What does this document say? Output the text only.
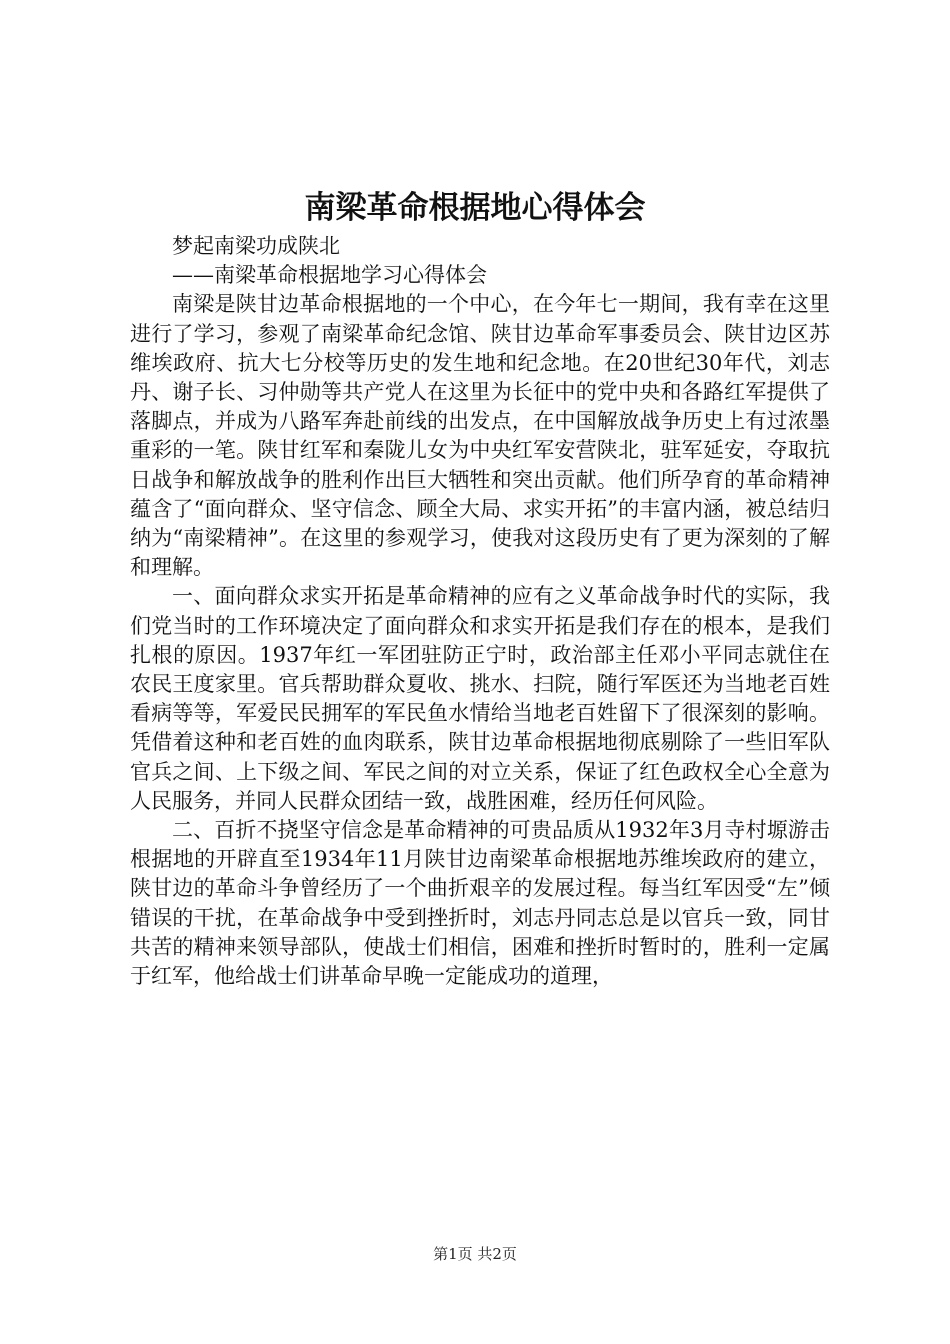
南梁革命根据地心得体会

梦起南梁功成陕北

——南梁革命根据地学习心得体会

南梁是陕甘边革命根据地的一个中心，在今年七一期间，我有幸在这里进行了学习，参观了南梁革命纪念馆、陕甘边革命军事委员会、陕甘边区苏维埃政府、抗大七分校等历史的发生地和纪念地。在20世纪30年代，刘志丹、谢子长、习仲勋等共产党人在这里为长征中的党中央和各路红军提供了落脚点，并成为八路军奔赴前线的出发点，在中国解放战争历史上有过浓墨重彩的一笔。陕甘红军和秦陇儿女为中央红军安营陕北，驻军延安，夺取抗日战争和解放战争的胜利作出巨大牺牲和突出贡献。他们所孕育的革命精神蕴含了“面向群众、坚守信念、顾全大局、求实开拓”的丰富内涵，被总结归纳为“南梁精神”。在这里的参观学习，使我对这段历史有了更为深刻的了解和理解。

一、面向群众求实开拓是革命精神的应有之义革命战争时代的实际，我们党当时的工作环境决定了面向群众和求实开拓是我们存在的根本，是我们扎根的原因。1937年红一军团驻防正宁时，政治部主任邓小平同志就住在农民王度家里。官兵帮助群众夏收、挑水、扫院，随行军医还为当地老百姓看病等等，军爱民民拥军的军民鱼水情给当地老百姓留下了很深刻的影响。凭借着这种和老百姓的血肉联系，陕甘边革命根据地彻底剔除了一些旧军队官兵之间、上下级之间、军民之间的对立关系，保证了红色政权全心全意为人民服务，并同人民群众团结一致，战胜困难，经历任何风险。

二、百折不挠坚守信念是革命精神的可贵品质从1932年3月寺村塬游击根据地的开辟直至1934年11月陕甘边南梁革命根据地苏维埃政府的建立，陕甘边的革命斗争曾经历了一个曲折艰辛的发展过程。每当红军因受“左”倾错误的干扰，在革命战争中受到挫折时，刘志丹同志总是以官兵一致，同甘共苦的精神来领导部队，使战士们相信，困难和挫折时暂时的，胜利一定属于红军，他给战士们讲革命早晚一定能成功的道理，

第1页 共2页
